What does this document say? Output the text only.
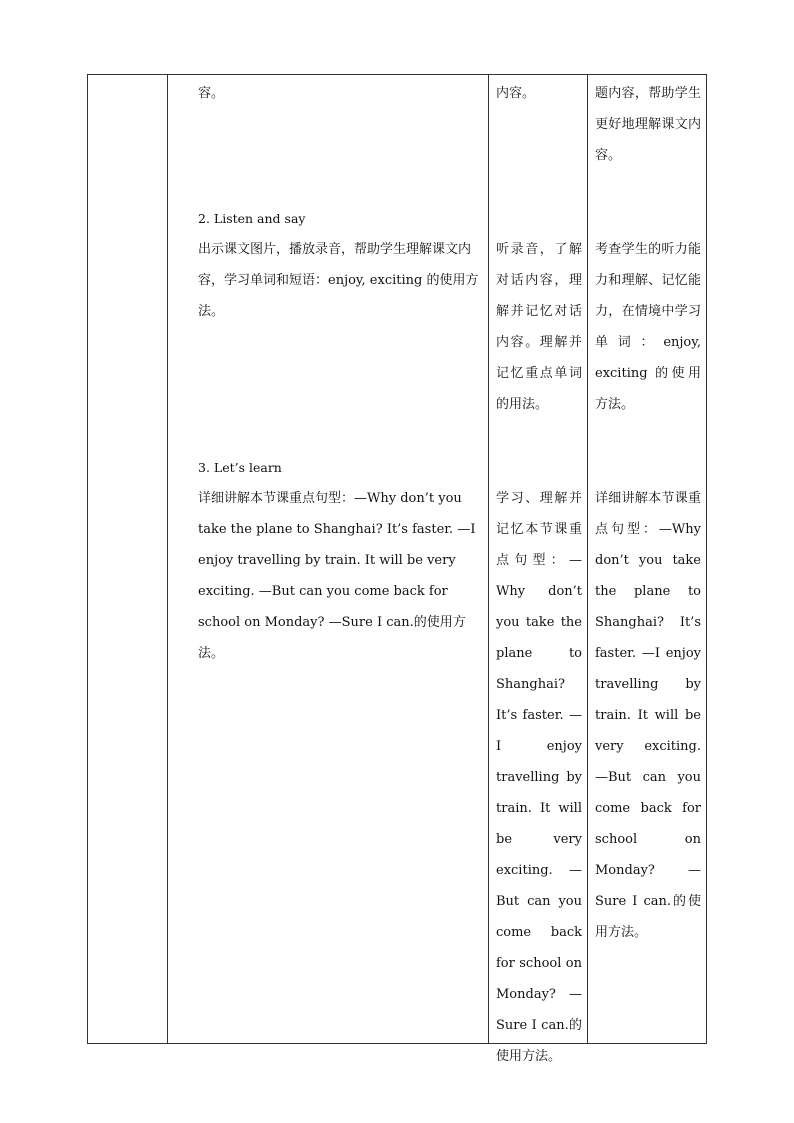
容。	内容。	题内容，帮助学生更好地理解课文内容。

2. Listen and say

出示课文图片，播放录音，帮助学生理解课文内容，学习单词和短语：enjoy, exciting 的使用方法。

听录音，了解对话内容，理解并记忆对话内容。理解并记忆重点单词的用法。

考查学生的听力能力和理解、记忆能力，在情境中学习单词：enjoy, exciting 的使用方法。

3. Let’s learn

详细讲解本节课重点句型：—Why don’t you take the plane to Shanghai? It’s faster. —I enjoy travelling by train. It will be very exciting. —But can you come back for school on Monday? —Sure I can.的使用方法。

学习、理解并记忆本节课重点句型：—Why don’t you take the plane to Shanghai? It’s faster. —I enjoy travelling by train. It will be very exciting. —But can you come back for school on Monday? —Sure I can.的使用方法。

详细讲解本节课重点句型：—Why don’t you take the plane to Shanghai? It’s faster. —I enjoy travelling by train. It will be very exciting. —But can you come back for school on Monday? —Sure I can.的使用方法。
